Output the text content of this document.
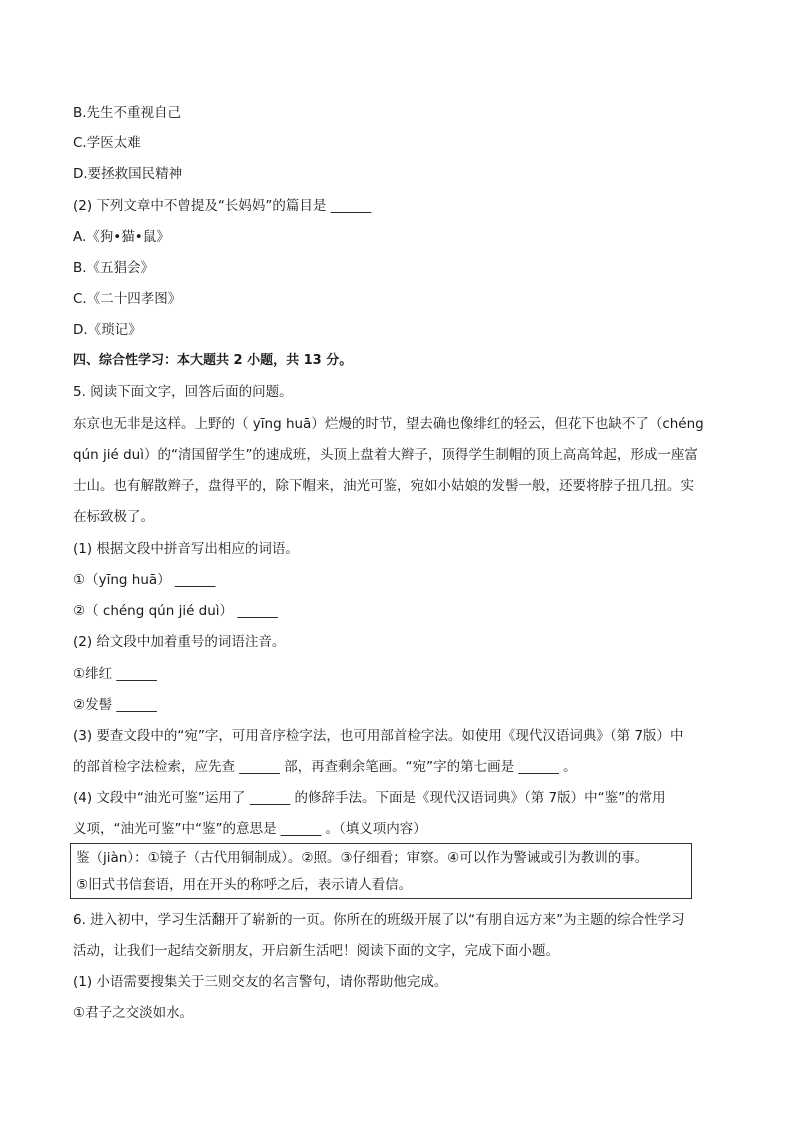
B.先生不重视自己
C.学医太难
D.要拯救国民精神
(2) 下列文章中不曾提及“长妈妈”的篇目是 ______
A.《狗•猫•鼠》
B.《五猖会》
C.《二十四孝图》
D.《琐记》
四、综合性学习：本大题共 2 小题，共 13 分。
5. 阅读下面文字，回答后面的问题。
东京也无非是这样。上野的（ yīng huā）烂熳的时节，望去确也像绯红的轻云，但花下也缺不了（chéng
qún jié duì）的“清国留学生”的速成班，头顶上盘着大辫子，顶得学生制帽的顶上高高耸起，形成一座富
士山。也有解散辫子，盘得平的，除下帽来，油光可鉴，宛如小姑娘的发髻一般，还要将脖子扭几扭。实
在标致极了。
(1) 根据文段中拼音写出相应的词语。
①（yīng huā） ______
②（ chéng qún jié duì） ______
(2) 给文段中加着重号的词语注音。
①绯红 ______
②发髻 ______
(3) 要查文段中的“宛”字，可用音序检字法，也可用部首检字法。如使用《现代汉语词典》（第 7版）中
的部首检字法检索，应先查 ______ 部，再查剩余笔画。“宛”字的第七画是 ______ 。
(4) 文段中“油光可鉴”运用了 ______ 的修辞手法。下面是《现代汉语词典》（第 7版）中“鉴”的常用
义项，“油光可鉴”中“鉴”的意思是 ______ 。（填义项内容）
鉴（jiàn）：①镜子（古代用铜制成）。②照。③仔细看；审察。④可以作为警诫或引为教训的事。
⑤旧式书信套语，用在开头的称呼之后，表示请人看信。
6. 进入初中，学习生活翻开了崭新的一页。你所在的班级开展了以“有朋自远方来”为主题的综合性学习
活动，让我们一起结交新朋友，开启新生活吧！阅读下面的文字，完成下面小题。
(1) 小语需要搜集关于三则交友的名言警句，请你帮助他完成。
①君子之交淡如水。
